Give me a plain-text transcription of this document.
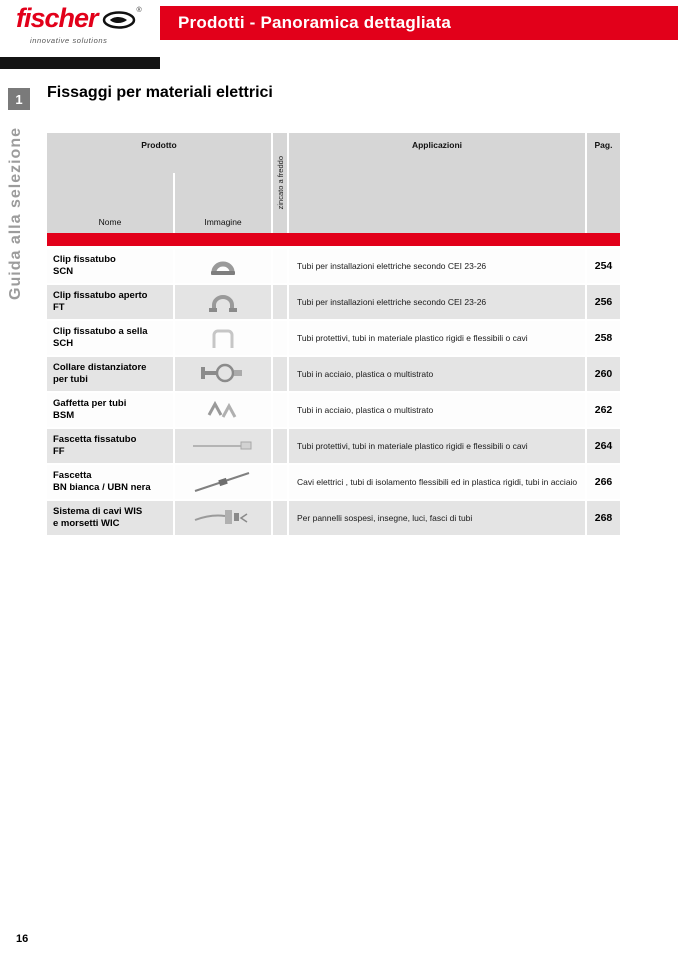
fischer	®
innovative solutions
Prodotti - Panoramica dettagliata
1
Guida alla selezione
Fissaggi per materiali elettrici
Prodotto
Nome	Immagine
zincato a freddo
Applicazioni	Pag.
Clip fissatubo
SCN	Tubi per installazioni elettriche secondo CEI 23-26	254
Clip fissatubo aperto
FT	Tubi per installazioni elettriche secondo CEI 23-26	256
Clip fissatubo a sella
SCH	Tubi protettivi, tubi in materiale plastico rigidi e flessibili o cavi	258
Collare distanziatore
per tubi	Tubi in acciaio, plastica o multistrato	260
Gaffetta per tubi
BSM	Tubi in acciaio, plastica o multistrato	262
Fascetta fissatubo
FF	Tubi protettivi, tubi in materiale plastico rigidi e flessibili o cavi	264
Fascetta
BN bianca / UBN nera	Cavi elettrici , tubi di isolamento flessibili ed in plastica rigidi, tubi in acciaio	266
Sistema di cavi WIS
e morsetti WIC	Per pannelli sospesi, insegne, luci, fasci di tubi	268
16
